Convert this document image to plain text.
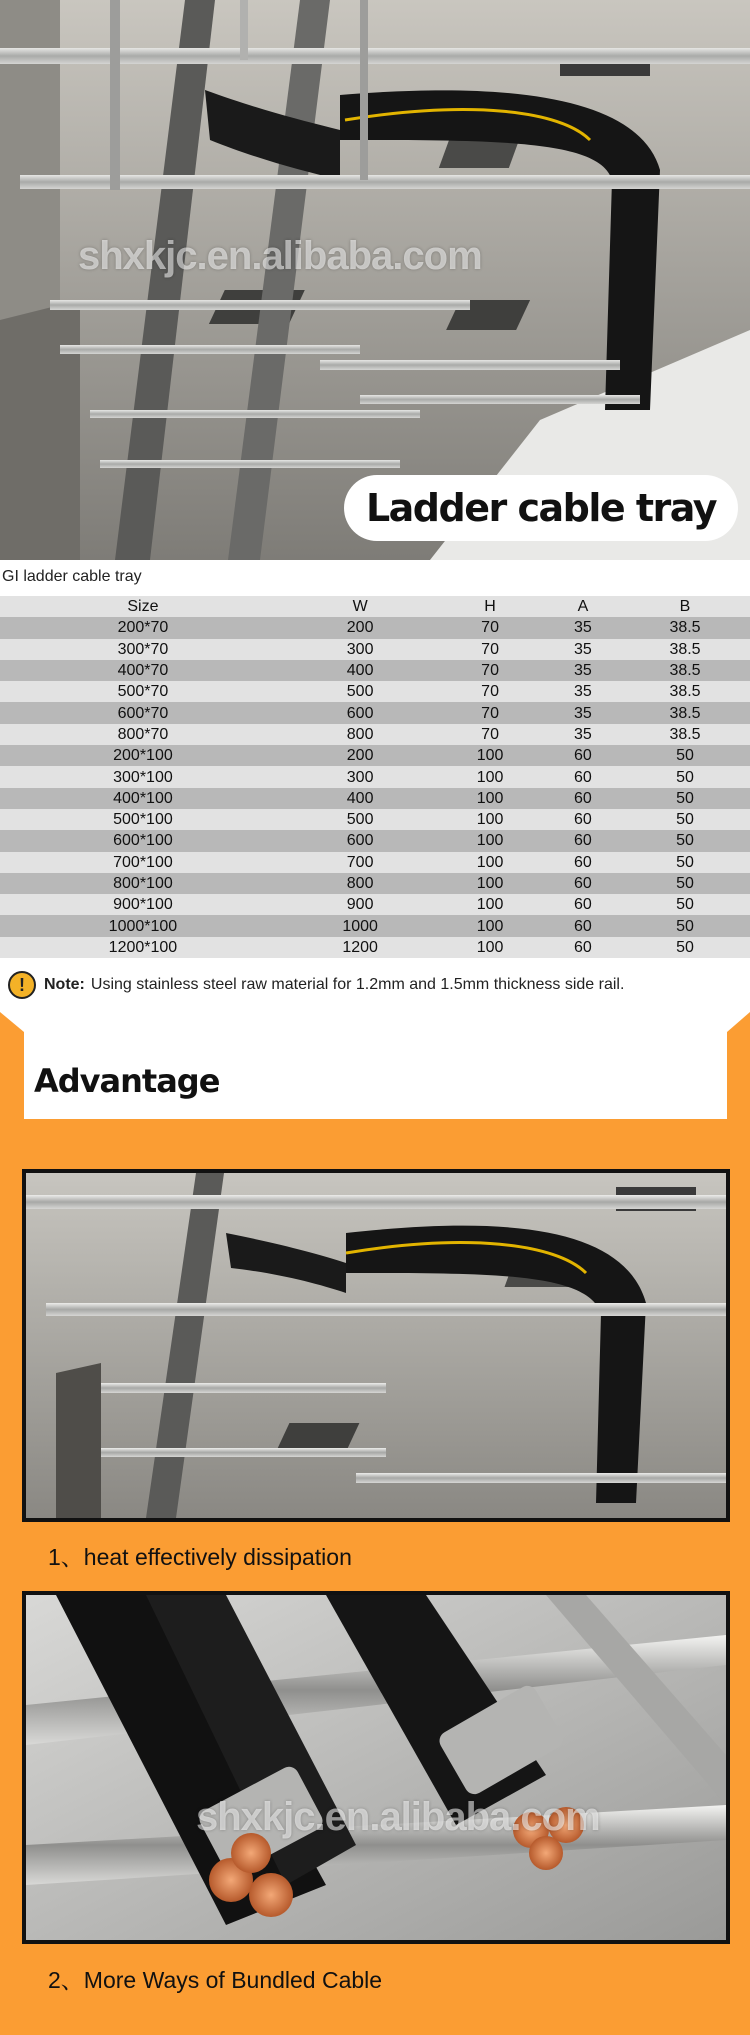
shxkjc.en.alibaba.com
Ladder cable tray
GI ladder cable tray
Size	W	H	A	B
200*70	200	70	35	38.5
300*70	300	70	35	38.5
400*70	400	70	35	38.5
500*70	500	70	35	38.5
600*70	600	70	35	38.5
800*70	800	70	35	38.5
200*100	200	100	60	50
300*100	300	100	60	50
400*100	400	100	60	50
500*100	500	100	60	50
600*100	600	100	60	50
700*100	700	100	60	50
800*100	800	100	60	50
900*100	900	100	60	50
1000*100	1000	100	60	50
1200*100	1200	100	60	50
!	Note: Using stainless steel raw material for 1.2mm and 1.5mm thickness side rail.
Advantage
1、heat effectively dissipation
shxkjc.en.alibaba.com
2、More Ways of Bundled Cable
